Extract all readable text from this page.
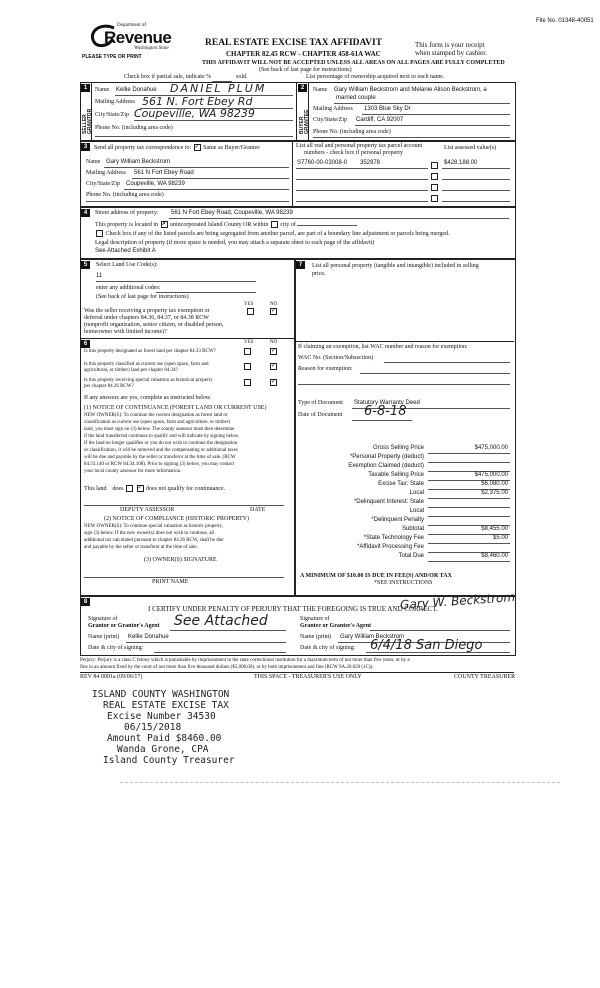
File No. 01348-40051
Department of
Revenue
Washington State
PLEASE TYPE OR PRINT
REAL ESTATE EXCISE TAX AFFIDAVIT
CHAPTER 82.45 RCW - CHAPTER 458-61A WAC
This form is your receipt
when stamped by cashier.
THIS AFFIDAVIT WILL NOT BE ACCEPTED UNLESS ALL AREAS ON ALL PAGES ARE FULLY COMPLETED
(See back of last page for instructions)
Check box if partial sale, indicate %	sold.	List percentage of ownership acquired next to each name.
1
SELLER GRANTOR
Name Kellie Donahue DANIEL PLUM
Mailing Address 561 N. Fort Ebey Rd
City/State/Zip Coupeville, WA 98239
Phone No. (including area code)
2
BUYER GRANTEE
Name Gary William Beckstrom and Melanie Alison Beckstrom, a
married couple
Mailing Address 1303 Blue Sky Dr
City/State/Zip Cardiff, CA 92007
Phone No. (including area code)
3	Send all property tax correspondence to: ✓ Same as Buyer/Grantee
Name Gary William Beckstrom
Mailing Address 561 N Fort Ebey Road
City/State/Zip Coupeville, WA 98239
Phone No. (including area code)
List all real and personal property tax parcel account
numbers - check box if personal property
List assessed value(s)
S7760-00-03008-0 352978	$428,188.00
4	Street address of property: 561 N Fort Ebey Road, Coupeville, WA 98239
This property is located in ✗ unincorporated Island County OR within city of
Check box if any of the listed parcels are being segregated from another parcel, are part of a boundary line adjustment or parcels being merged.
Legal description of property (if more space is needed, you may attach a separate sheet to each page of the affidavit)
See Attached Exhibit A
5	Select Land Use Code(s):
11
enter any additional codes:
(See back of last page for instructions)
YES	NO
Was the seller receiving a property tax exemption or
deferral under chapters 84.36, 84.37, or 84.38 RCW
(nonprofit organization, senior citizen, or disabled person,
homeowner with limited income)?
✓
6	YES	NO
Is this property designated as forest land per chapter 84.33 RCW?	✓
Is this property classified as current use (open space, farm and
agricultural, or timber) land per chapter 84.34?
✓
Is this property receiving special valuation as historical property
per chapter 84.26 RCW?
✓
If any answers are yes, complete as instructed below.
(1) NOTICE OF CONTINUANCE (FOREST LAND OR CURRENT USE)
NEW OWNER(S): To continue the current designation as forest land or
classification as current use (open space, farm and agriculture, or timber)
land, you must sign on (3) below. The county assessor must then determine
if the land transferred continues to qualify and will indicate by signing below.
If the land no longer qualifies or you do not wish to continue the designation
or classification, it will be removed and the compensating or additional taxes
will be due and payable by the seller or transferor at the time of sale. (RCW
84.33.140 or RCW 84.34.108). Prior to signing (3) below, you may contact
your local county assessor for more information.
This land does ✓ does not qualify for continuance.
DEPUTY ASSESSOR	DATE
(2) NOTICE OF COMPLIANCE (HISTORIC PROPERTY)
NEW OWNER(S): To continue special valuation as historic property,
sign (3) below. If the new owner(s) does not wish to continue, all
additional tax calculated pursuant to chapter 84.26 RCW, shall be due
and payable by the seller or transferor at the time of sale.
(3) OWNER(S) SIGNATURE
PRINT NAME
7	List all personal property (tangible and intangible) included in selling
price.
If claiming an exemption, list WAC number and reason for exemption:
WAC No. (Section/Subsection)
Reason for exemption:
Type of Document Statutory Warranty Deed
Date of Document 6-8-18
Gross Selling Price	$475,000.00
*Personal Property (deduct)
Exemption Claimed (deduct)
Taxable Selling Price	$475,000.00
Excise Tax: State	$6,080.00
Local	$2,375.00
*Delinquent Interest: State
Local
*Delinquent Penalty
Subtotal	$8,455.00
*State Technology Fee	$5.00
*Affidavit Processing Fee
Total Due	$8,460.00
A MINIMUM OF $10.00 IS DUE IN FEE(S) AND/OR TAX
*SEE INSTRUCTIONS
8
I CERTIFY UNDER PENALTY OF PERJURY THAT THE FOREGOING IS TRUE AND CORRECT.
Gary W. Beckstrom
Signature of
Grantor or Grantor's Agent See Attached
Name (print) Kellie Donahue
Date & city of signing:
Signature of
Grantee or Grantee's Agent
Name (print) Gary William Beckstrom
Date & city of signing: 6/4/18 San Diego
Perjury: Perjury is a class C felony which is punishable by imprisonment in the state correctional institution for a maximum term of not more than five years, or by a
fine in an amount fixed by the court of not more than five thousand dollars ($5,000.00), or by both imprisonment and fine (RCW 9A.20.020 (1C)).
REV 84 0001a (09/06/17)	THIS SPACE - TREASURER'S USE ONLY	COUNTY TREASURER
ISLAND COUNTY WASHINGTON
REAL ESTATE EXCISE TAX
Excise Number 34530
06/15/2018
Amount Paid $8460.00
Wanda Grone, CPA
Island County Treasurer
